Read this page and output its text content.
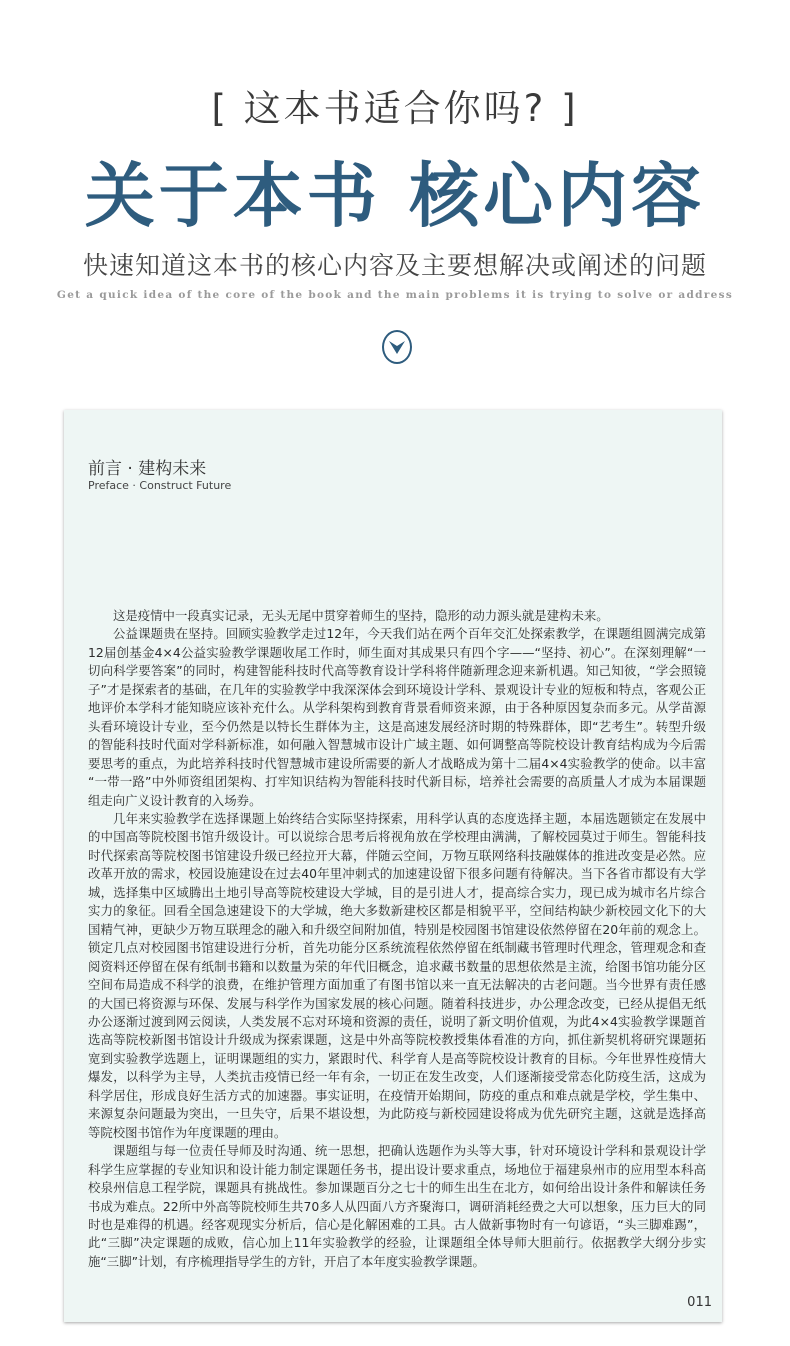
[ 这本书适合你吗? ]
关于本书 核心内容
快速知道这本书的核心内容及主要想解决或阐述的问题
Get a quick idea of the core of the book and the main problems it is trying to solve or address
前言 · 建构未来
Preface · Construct Future
这是疫情中一段真实记录，无头无尾中贯穿着师生的坚持，隐形的动力源头就是建构未来。
公益课题贵在坚持。回顾实验教学走过12年，今天我们站在两个百年交汇处探索教学，在课题组圆满完成第
12届创基金4×4公益实验教学课题收尾工作时，师生面对其成果只有四个字——“坚持、初心”。在深刻理解“一
切向科学要答案”的同时，构建智能科技时代高等教育设计学科将伴随新理念迎来新机遇。知己知彼，“学会照镜
子”才是探索者的基础，在几年的实验教学中我深深体会到环境设计学科、景观设计专业的短板和特点，客观公正
地评价本学科才能知晓应该补充什么。从学科架构到教育背景看师资来源，由于各种原因复杂而多元。从学苗源
头看环境设计专业，至今仍然是以特长生群体为主，这是高速发展经济时期的特殊群体，即“艺考生”。转型升级
的智能科技时代面对学科新标准，如何融入智慧城市设计广域主题、如何调整高等院校设计教育结构成为今后需
要思考的重点，为此培养科技时代智慧城市建设所需要的新人才战略成为第十二届4×4实验教学的使命。以丰富
“一带一路”中外师资组团架构、打牢知识结构为智能科技时代新目标，培养社会需要的高质量人才成为本届课题
组走向广义设计教育的入场券。
几年来实验教学在选择课题上始终结合实际坚持探索，用科学认真的态度选择主题，本届选题锁定在发展中
的中国高等院校图书馆升级设计。可以说综合思考后将视角放在学校理由满满，了解校园莫过于师生。智能科技
时代探索高等院校图书馆建设升级已经拉开大幕，伴随云空间，万物互联网络科技融媒体的推进改变是必然。应
改革开放的需求，校园设施建设在过去40年里冲刺式的加速建设留下很多问题有待解决。当下各省市都设有大学
城，选择集中区域腾出土地引导高等院校建设大学城，目的是引进人才，提高综合实力，现已成为城市名片综合
实力的象征。回看全国急速建设下的大学城，绝大多数新建校区都是相貌平平，空间结构缺少新校园文化下的大
国精气神，更缺少万物互联理念的融入和升级空间附加值，特别是校园图书馆建设依然停留在20年前的观念上。
锁定几点对校园图书馆建设进行分析，首先功能分区系统流程依然停留在纸制藏书管理时代理念，管理观念和查
阅资料还停留在保有纸制书籍和以数量为荣的年代旧概念，追求藏书数量的思想依然是主流，给图书馆功能分区
空间布局造成不科学的浪费，在维护管理方面加重了有图书馆以来一直无法解决的古老问题。当今世界有责任感
的大国已将资源与环保、发展与科学作为国家发展的核心问题。随着科技进步，办公理念改变，已经从提倡无纸
办公逐渐过渡到网云阅读，人类发展不忘对环境和资源的责任，说明了新文明价值观，为此4×4实验教学课题首
选高等院校新图书馆设计升级成为探索课题，这是中外高等院校教授集体看准的方向，抓住新契机将研究课题拓
宽到实验教学选题上，证明课题组的实力，紧跟时代、科学育人是高等院校设计教育的目标。今年世界性疫情大
爆发，以科学为主导，人类抗击疫情已经一年有余，一切正在发生改变，人们逐渐接受常态化防疫生活，这成为
科学居住，形成良好生活方式的加速器。事实证明，在疫情开始期间，防疫的重点和难点就是学校，学生集中、
来源复杂问题最为突出，一旦失守，后果不堪设想，为此防疫与新校园建设将成为优先研究主题，这就是选择高
等院校图书馆作为年度课题的理由。
课题组与每一位责任导师及时沟通、统一思想，把确认选题作为头等大事，针对环境设计学科和景观设计学
科学生应掌握的专业知识和设计能力制定课题任务书，提出设计要求重点，场地位于福建泉州市的应用型本科高
校泉州信息工程学院，课题具有挑战性。参加课题百分之七十的师生出生在北方，如何给出设计条件和解读任务
书成为难点。22所中外高等院校师生共70多人从四面八方齐聚海口，调研消耗经费之大可以想象，压力巨大的同
时也是难得的机遇。经客观现实分析后，信心是化解困难的工具。古人做新事物时有一句谚语，“头三脚难踢”，
此“三脚”决定课题的成败，信心加上11年实验教学的经验，让课题组全体导师大胆前行。依据教学大纲分步实
施“三脚”计划，有序梳理指导学生的方针，开启了本年度实验教学课题。
011
